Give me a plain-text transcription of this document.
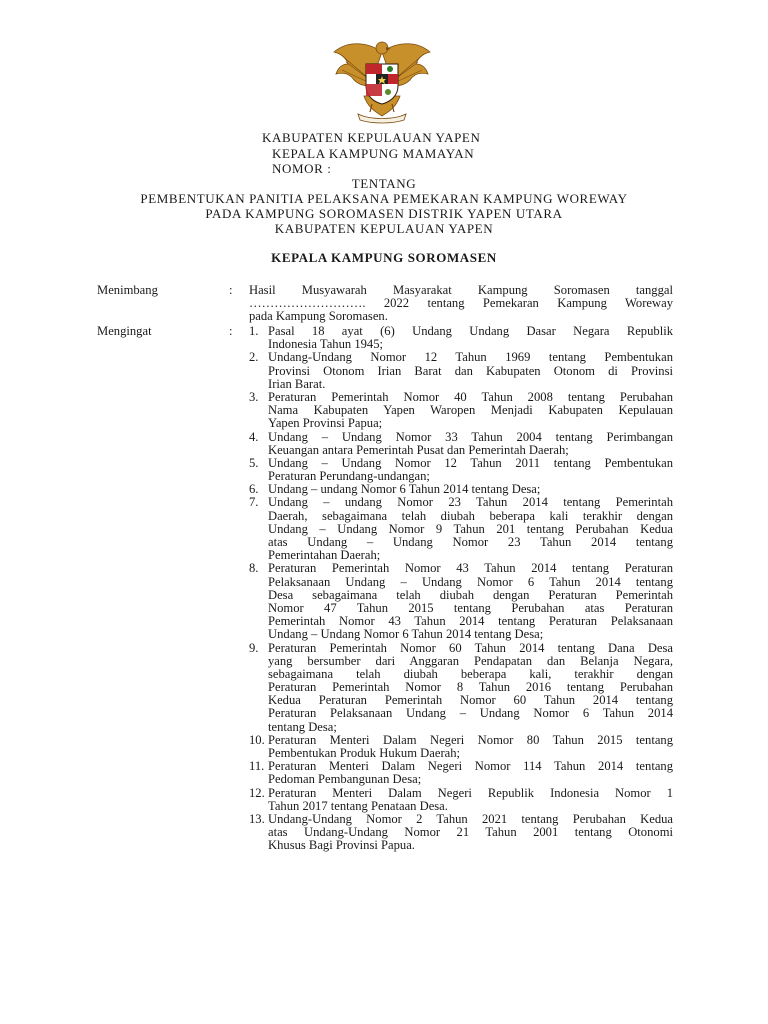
KABUPATEN KEPULAUAN YAPEN
KEPALA KAMPUNG MAMAYAN
NOMOR :
TENTANG
PEMBENTUKAN PANITIA PELAKSANA PEMEKARAN KAMPUNG WOREWAY
PADA KAMPUNG SOROMASEN DISTRIK YAPEN UTARA
KABUPATEN KEPULAUAN YAPEN
KEPALA KAMPUNG SOROMASEN
Menimbang	: Hasil Musyawarah Masyarakat Kampung Soromasen tanggal
………………………. 2022 tentang Pemekaran Kampung Woreway
pada Kampung Soromasen.
Mengingat	: 1. Pasal 18 ayat (6) Undang Undang Dasar Negara Republik
Indonesia Tahun 1945;
2. Undang-Undang Nomor 12 Tahun 1969 tentang Pembentukan
Provinsi Otonom Irian Barat dan Kabupaten Otonom di Provinsi
Irian Barat.
3. Peraturan Pemerintah Nomor 40 Tahun 2008 tentang Perubahan
Nama Kabupaten Yapen Waropen Menjadi Kabupaten Kepulauan
Yapen Provinsi Papua;
4. Undang – Undang Nomor 33 Tahun 2004 tentang Perimbangan
Keuangan antara Pemerintah Pusat dan Pemerintah Daerah;
5. Undang – Undang Nomor 12 Tahun 2011 tentang Pembentukan
Peraturan Perundang-undangan;
6. Undang – undang Nomor 6 Tahun 2014 tentang Desa;
7. Undang – undang Nomor 23 Tahun 2014 tentang Pemerintah
Daerah, sebagaimana telah diubah beberapa kali terakhir dengan
Undang – Undang Nomor 9 Tahun 201 tentang Perubahan Kedua
atas Undang – Undang Nomor 23 Tahun 2014 tentang
Pemerintahan Daerah;
8. Peraturan Pemerintah Nomor 43 Tahun 2014 tentang Peraturan
Pelaksanaan Undang – Undang Nomor 6 Tahun 2014 tentang
Desa sebagaimana telah diubah dengan Peraturan Pemerintah
Nomor 47 Tahun 2015 tentang Perubahan atas Peraturan
Pemerintah Nomor 43 Tahun 2014 tentang Peraturan Pelaksanaan
Undang – Undang Nomor 6 Tahun 2014 tentang Desa;
9. Peraturan Pemerintah Nomor 60 Tahun 2014 tentang Dana Desa
yang bersumber dari Anggaran Pendapatan dan Belanja Negara,
sebagaimana telah diubah beberapa kali, terakhir dengan
Peraturan Pemerintah Nomor 8 Tahun 2016 tentang Perubahan
Kedua Peraturan Pemerintah Nomor 60 Tahun 2014 tentang
Peraturan Pelaksanaan Undang – Undang Nomor 6 Tahun 2014
tentang Desa;
10. Peraturan Menteri Dalam Negeri Nomor 80 Tahun 2015 tentang
Pembentukan Produk Hukum Daerah;
11. Peraturan Menteri Dalam Negeri Nomor 114 Tahun 2014 tentang
Pedoman Pembangunan Desa;
12. Peraturan Menteri Dalam Negeri Republik Indonesia Nomor 1
Tahun 2017 tentang Penataan Desa.
13. Undang-Undang Nomor 2 Tahun 2021 tentang Perubahan Kedua
atas Undang-Undang Nomor 21 Tahun 2001 tentang Otonomi
Khusus Bagi Provinsi Papua.
